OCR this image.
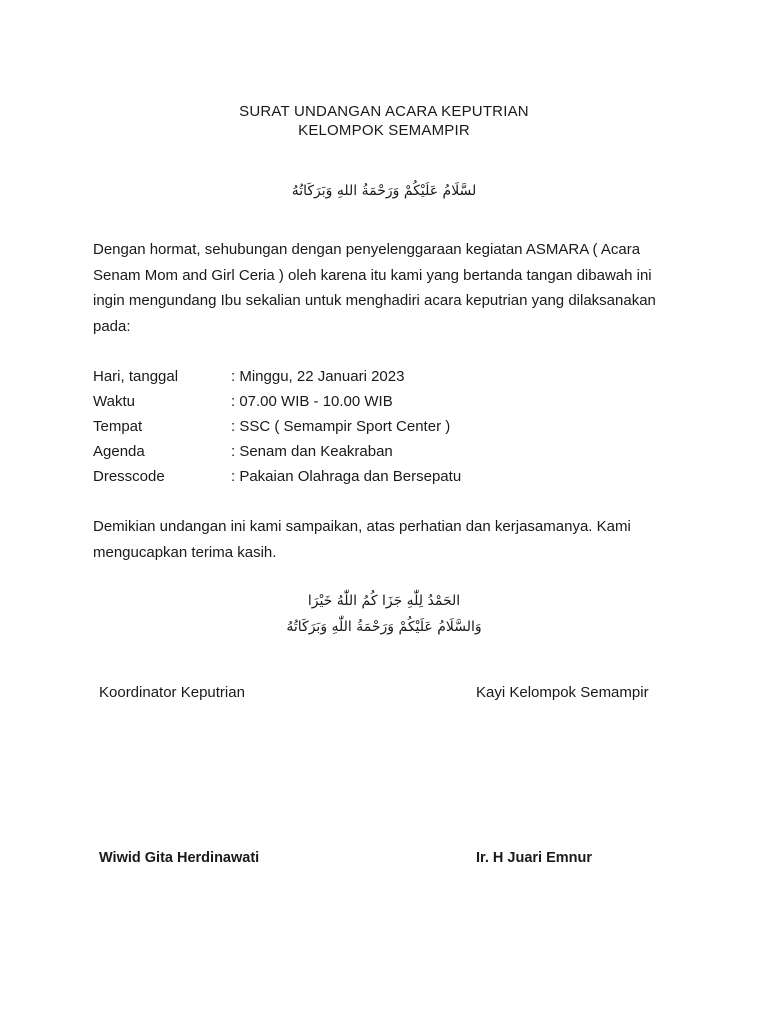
SURAT UNDANGAN ACARA KEPUTRIAN
KELOMPOK SEMAMPIR
لسَّلَامُ عَلَيْكُمْ وَرَحْمَةُ اللهِ وَبَرَكَاتُهُ
Dengan hormat, sehubungan dengan penyelenggaraan kegiatan ASMARA ( Acara
Senam Mom and Girl Ceria ) oleh karena itu kami yang bertanda tangan dibawah ini
ingin mengundang Ibu sekalian untuk menghadiri acara keputrian yang dilaksanakan
pada:
Hari, tanggal	: Minggu, 22 Januari 2023
Waktu	: 07.00 WIB - 10.00 WIB
Tempat	: SSC ( Semampir Sport Center )
Agenda	: Senam dan Keakraban
Dresscode	: Pakaian Olahraga dan Bersepatu
Demikian undangan ini kami sampaikan, atas perhatian dan kerjasamanya. Kami
mengucapkan terima kasih.
الحَمْدُ لِلّٰهِ جَزَا كُمُ اللّٰهُ خَيْرَا
وَالسَّلَامُ عَلَيْكُمْ وَرَحْمَةُ اللّٰهِ وَبَرَكَاتُهُ
Koordinator Keputrian	Kayi Kelompok Semampir
Wiwid Gita Herdinawati	Ir. H Juari Emnur
